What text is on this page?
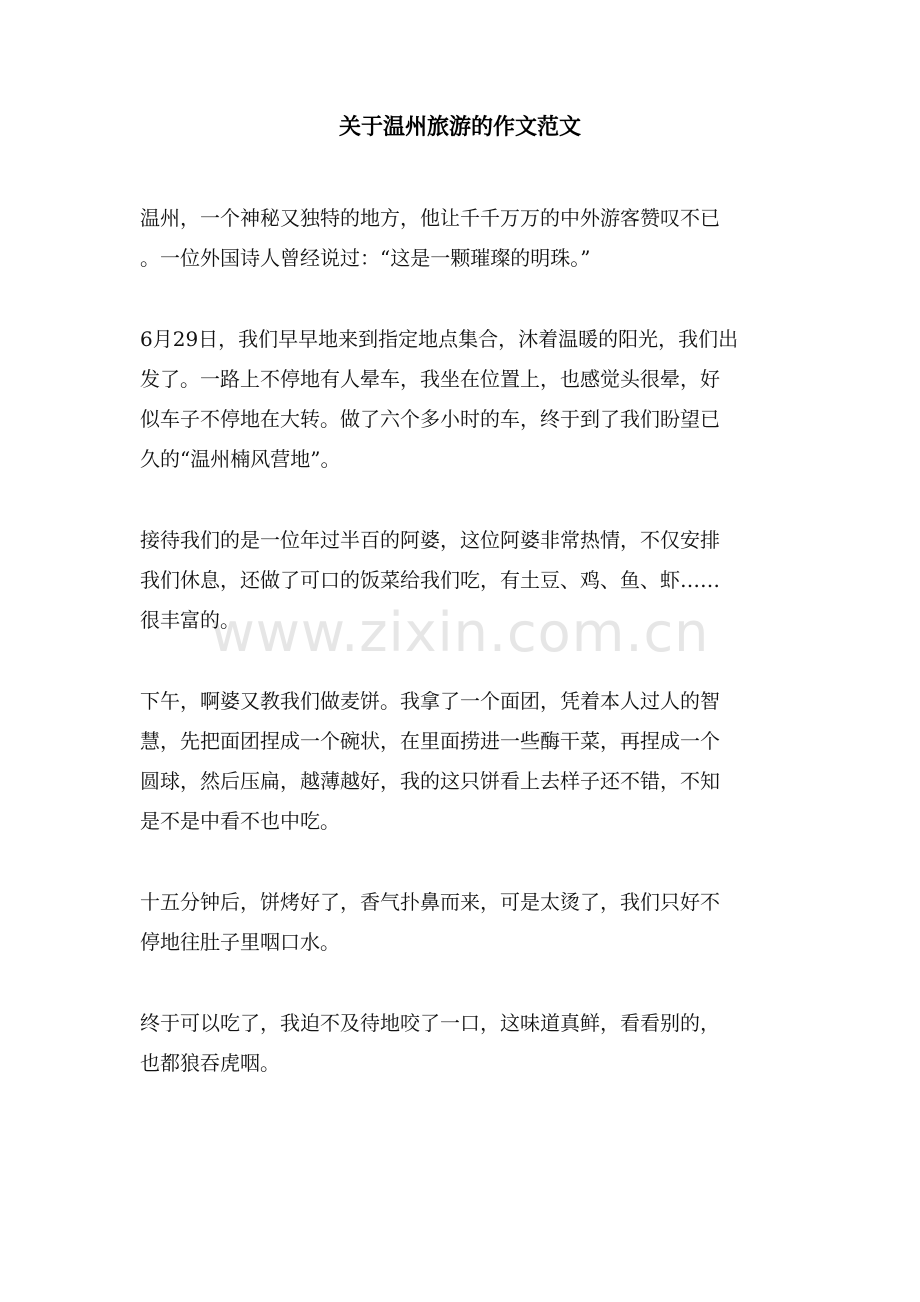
关于温州旅游的作文范文
www.zixin.com.cn

温州，一个神秘又独特的地方，他让千千万万的中外游客赞叹不已
。一位外国诗人曾经说过：“这是一颗璀璨的明珠。”

6月29日，我们早早地来到指定地点集合，沐着温暖的阳光，我们出
发了。一路上不停地有人晕车，我坐在位置上，也感觉头很晕，好
似车子不停地在大转。做了六个多小时的车，终于到了我们盼望已
久的“温州楠风营地”。

接待我们的是一位年过半百的阿婆，这位阿婆非常热情，不仅安排
我们休息，还做了可口的饭菜给我们吃，有土豆、鸡、鱼、虾……
很丰富的。

下午，啊婆又教我们做麦饼。我拿了一个面团，凭着本人过人的智
慧，先把面团捏成一个碗状，在里面捞进一些酶干菜，再捏成一个
圆球，然后压扁，越薄越好，我的这只饼看上去样子还不错，不知
是不是中看不也中吃。

十五分钟后，饼烤好了，香气扑鼻而来，可是太烫了，我们只好不
停地往肚子里咽口水。

终于可以吃了，我迫不及待地咬了一口，这味道真鲜，看看别的，
也都狼吞虎咽。
